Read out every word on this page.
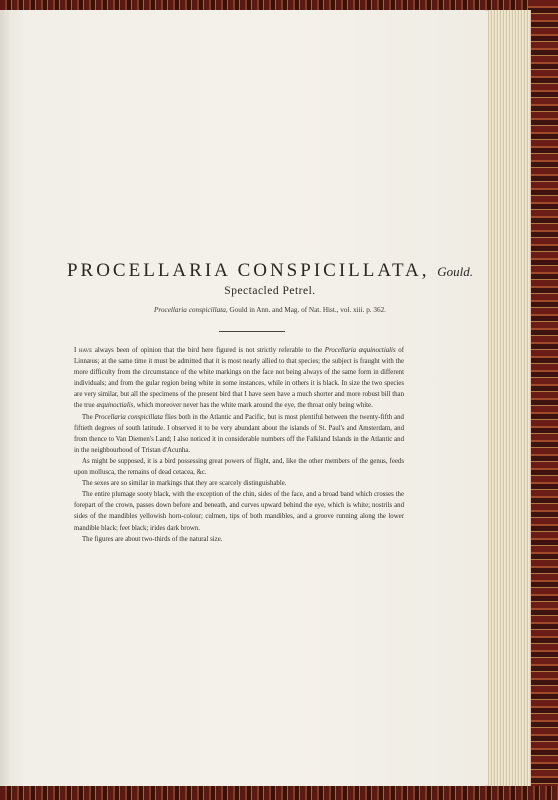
PROCELLARIA CONSPICILLATA, Gould.
Spectacled Petrel.
Procellaria conspicillata, Gould in Ann. and Mag. of Nat. Hist., vol. xiii. p. 362.

I have always been of opinion that the bird here figured is not strictly referable to the Procellaria æquinoctialis of Linnæus; at the same time it must be admitted that it is most nearly allied to that species; the subject is fraught with the more difficulty from the circumstance of the white markings on the face not being always of the same form in different individuals; and from the gular region being white in some instances, while in others it is black. In size the two species are very similar, but all the specimens of the present bird that I have seen have a much shorter and more robust bill than the true æquinoctialis, which moreover never has the white mark around the eye, the throat only being white.

The Procellaria conspicillata flies both in the Atlantic and Pacific, but is most plentiful between the twenty-fifth and fiftieth degrees of south latitude. I observed it to be very abundant about the islands of St. Paul's and Amsterdam, and from thence to Van Diemen's Land; I also noticed it in considerable numbers off the Falkland Islands in the Atlantic and in the neighbourhood of Tristan d'Acunha.

As might be supposed, it is a bird possessing great powers of flight, and, like the other members of the genus, feeds upon mollusca, the remains of dead cetacea, &c.

The sexes are so similar in markings that they are scarcely distinguishable.

The entire plumage sooty black, with the exception of the chin, sides of the face, and a broad band which crosses the forepart of the crown, passes down before and beneath, and curves upward behind the eye, which is white; nostrils and sides of the mandibles yellowish horn-colour; culmen, tips of both mandibles, and a groove running along the lower mandible black; feet black; irides dark brown.

The figures are about two-thirds of the natural size.
